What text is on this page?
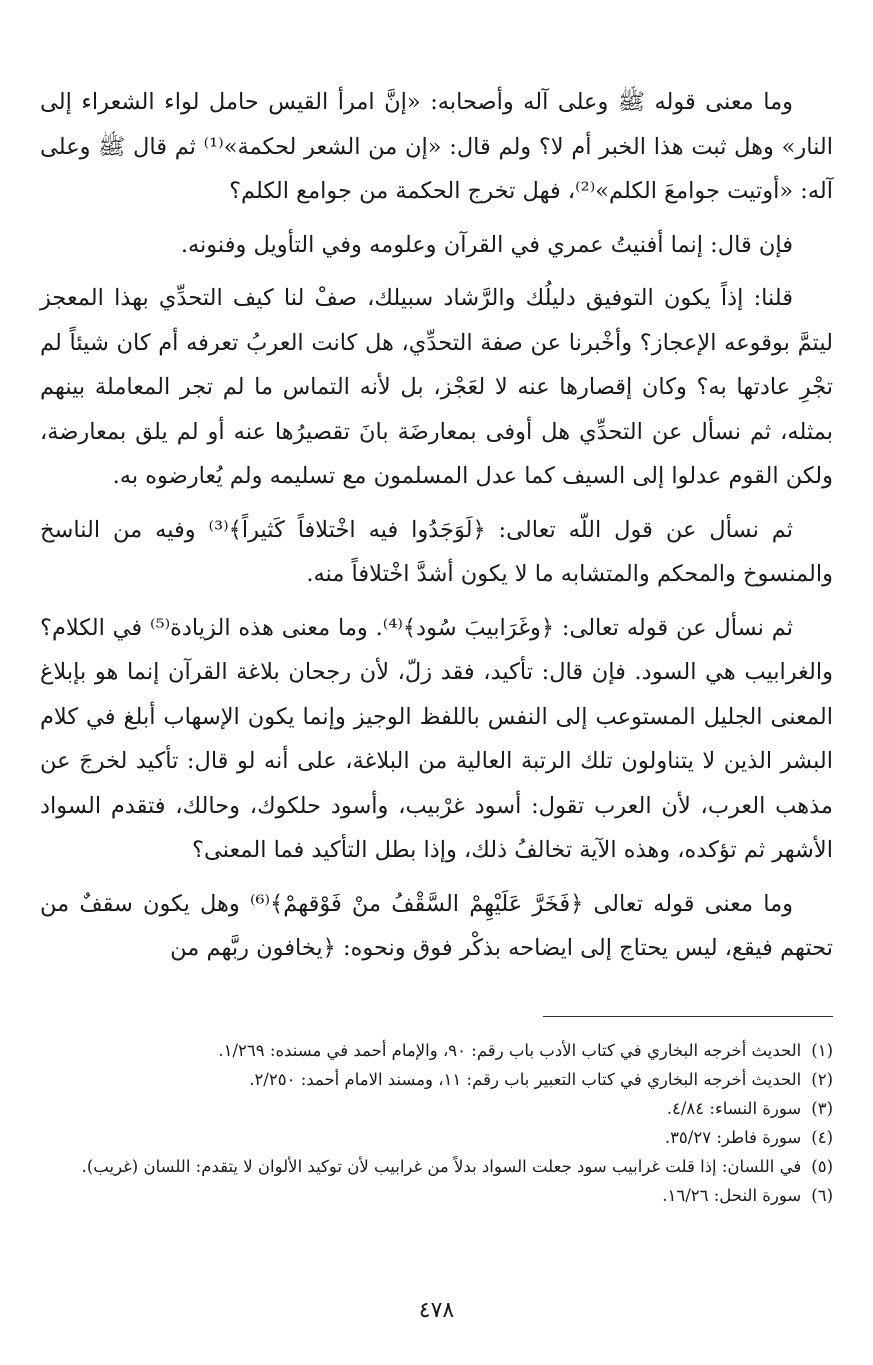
وما معنى قوله ﷺ وعلى آله وأصحابه: «إنَّ امرأ القيس حامل لواء الشعراء إلى النار» وهل ثبت هذا الخبر أم لا؟ ولم قال: «إن من الشعر لحكمة»⁽¹⁾ ثم قال ﷺ وعلى آله: «أوتيت جوامعَ الكلم»⁽²⁾، فهل تخرج الحكمة من جوامع الكلم؟

فإن قال: إنما أفنيتُ عمري في القرآن وعلومه وفي التأويل وفنونه.

قلنا: إذاً يكون التوفيق دليلُك والرَّشاد سبيلك، صفْ لنا كيف التحدِّي بهذا المعجز ليتمَّ بوقوعه الإعجاز؟ وأخْبرنا عن صفة التحدِّي، هل كانت العربُ تعرفه أم كان شيئاً لم تجْرِ عادتها به؟ وكان إقصارها عنه لا لعَجْز، بل لأنه التماس ما لم تجر المعاملة بينهم بمثله، ثم نسأل عن التحدِّي هل أوفى بمعارضَة بانَ تقصيرُها عنه أو لم يلق بمعارضة، ولكن القوم عدلوا إلى السيف كما عدل المسلمون مع تسليمه ولم يُعارضوه به.

ثم نسأل عن قول اللّه تعالى: ﴿لَوَجَدُوا فيه اخْتلافاً كَثيراً﴾⁽³⁾ وفيه من الناسخ والمنسوخ والمحكم والمتشابه ما لا يكون أشدَّ اخْتلافاً منه.

ثم نسأل عن قوله تعالى: ﴿وغَرَابيبَ سُود﴾⁽⁴⁾. وما معنى هذه الزيادة⁽⁵⁾ في الكلام؟ والغرابيب هي السود. فإن قال: تأكيد، فقد زلّ، لأن رجحان بلاغة القرآن إنما هو بإبلاغ المعنى الجليل المستوعب إلى النفس باللفظ الوجيز وإنما يكون الإسهاب أبلغ في كلام البشر الذين لا يتناولون تلك الرتبة العالية من البلاغة، على أنه لو قال: تأكيد لخرجَ عن مذهب العرب، لأن العرب تقول: أسود غرْبيب، وأسود حلكوك، وحالك، فتقدم السواد الأشهر ثم تؤكده، وهذه الآية تخالفُ ذلك، وإذا بطل التأكيد فما المعنى؟

وما معنى قوله تعالى ﴿فَخَرَّ عَلَيْهِمْ السَّقْفُ منْ فَوْقهمْ﴾⁽⁶⁾ وهل يكون سقفٌ من تحتهم فيقع، ليس يحتاج إلى ايضاحه بذكْر فوق ونحوه: ﴿يخافون ربَّهم من

(١)
الحديث أخرجه البخاري في كتاب الأدب باب رقم: ٩٠، والإمام أحمد في مسنده: ١/٢٦٩.
(٢)
الحديث أخرجه البخاري في كتاب التعبير باب رقم: ١١، ومسند الامام أحمد: ٢/٢٥٠.
(٣)
سورة النساء: ٤/٨٤.
(٤)
سورة فاطر: ٣٥/٢٧.
(٥)
في اللسان: إذا قلت غرابيب سود جعلت السواد بدلاً من غرابيب لأن توكيد الألوان لا يتقدم: اللسان (غريب).
(٦)
سورة النحل: ١٦/٢٦.
٤٧٨
